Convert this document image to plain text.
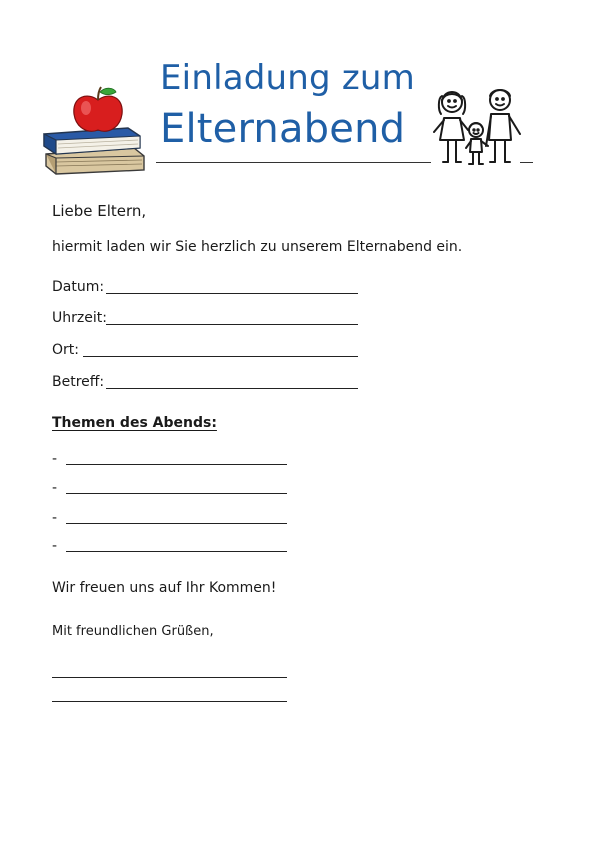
Einladung zum
Elternabend
Liebe Eltern,
hiermit laden wir Sie herzlich zu unserem Elternabend ein.
Datum:
Uhrzeit:
Ort:
Betreff:
Themen des Abends:
-
-
-
-
Wir freuen uns auf Ihr Kommen!
Mit freundlichen Grüßen,
